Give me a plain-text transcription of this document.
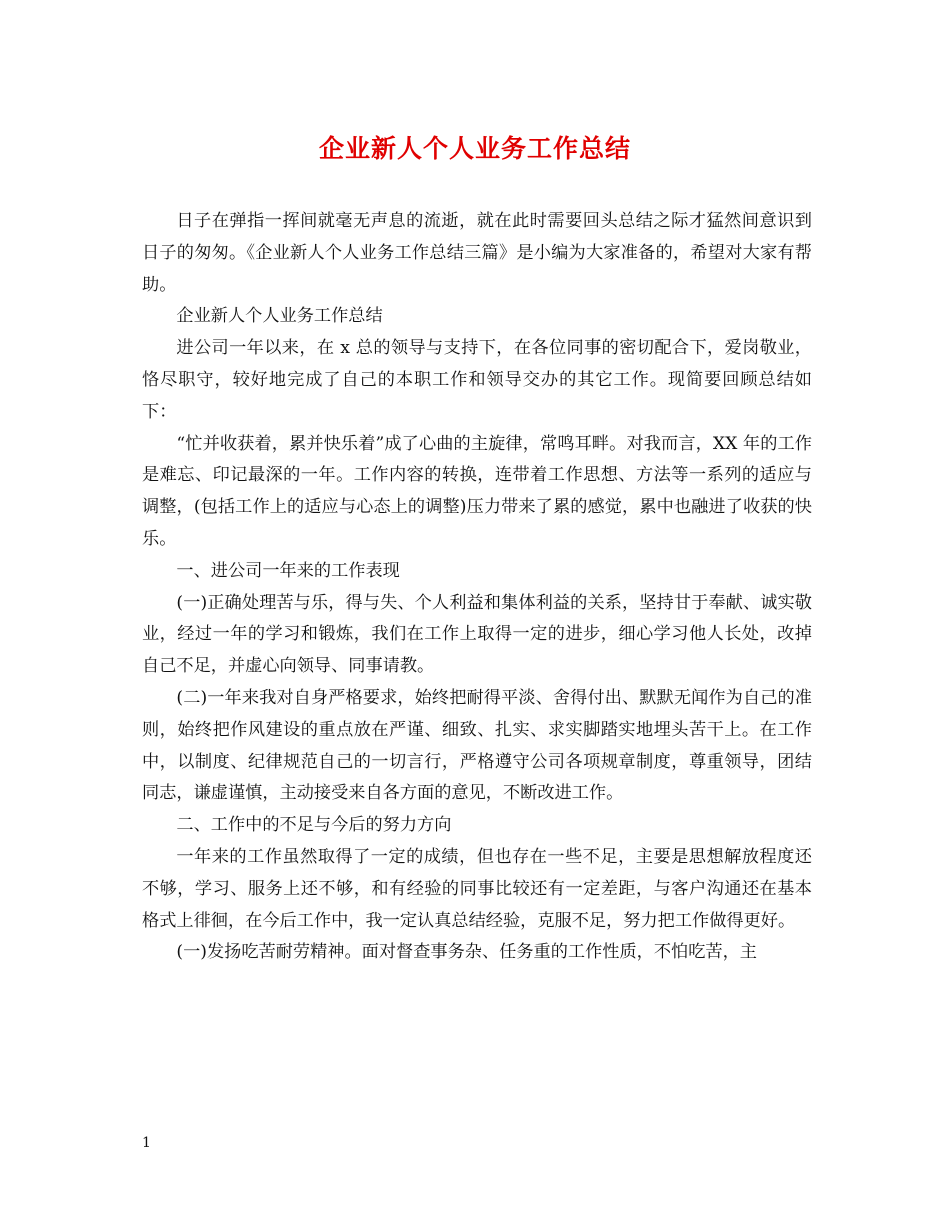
企业新人个人业务工作总结

日子在弹指一挥间就毫无声息的流逝，就在此时需要回头总结之际才猛然间意识到日子的匆匆。《企业新人个人业务工作总结三篇》是小编为大家准备的，希望对大家有帮助。

企业新人个人业务工作总结

进公司一年以来，在 x 总的领导与支持下，在各位同事的密切配合下，爱岗敬业，恪尽职守，较好地完成了自己的本职工作和领导交办的其它工作。现简要回顾总结如下：

“忙并收获着，累并快乐着”成了心曲的主旋律，常鸣耳畔。对我而言，XX 年的工作是难忘、印记最深的一年。工作内容的转换，连带着工作思想、方法等一系列的适应与调整，(包括工作上的适应与心态上的调整)压力带来了累的感觉，累中也融进了收获的快乐。

一、进公司一年来的工作表现

(一)正确处理苦与乐，得与失、个人利益和集体利益的关系，坚持甘于奉献、诚实敬业，经过一年的学习和锻炼，我们在工作上取得一定的进步，细心学习他人长处，改掉自己不足，并虚心向领导、同事请教。

(二)一年来我对自身严格要求，始终把耐得平淡、舍得付出、默默无闻作为自己的准则，始终把作风建设的重点放在严谨、细致、扎实、求实脚踏实地埋头苦干上。在工作中，以制度、纪律规范自己的一切言行，严格遵守公司各项规章制度，尊重领导，团结同志，谦虚谨慎，主动接受来自各方面的意见，不断改进工作。

二、工作中的不足与今后的努力方向

一年来的工作虽然取得了一定的成绩，但也存在一些不足，主要是思想解放程度还不够，学习、服务上还不够，和有经验的同事比较还有一定差距，与客户沟通还在基本格式上徘徊，在今后工作中，我一定认真总结经验，克服不足，努力把工作做得更好。

(一)发扬吃苦耐劳精神。面对督查事务杂、任务重的工作性质，不怕吃苦，主

1
